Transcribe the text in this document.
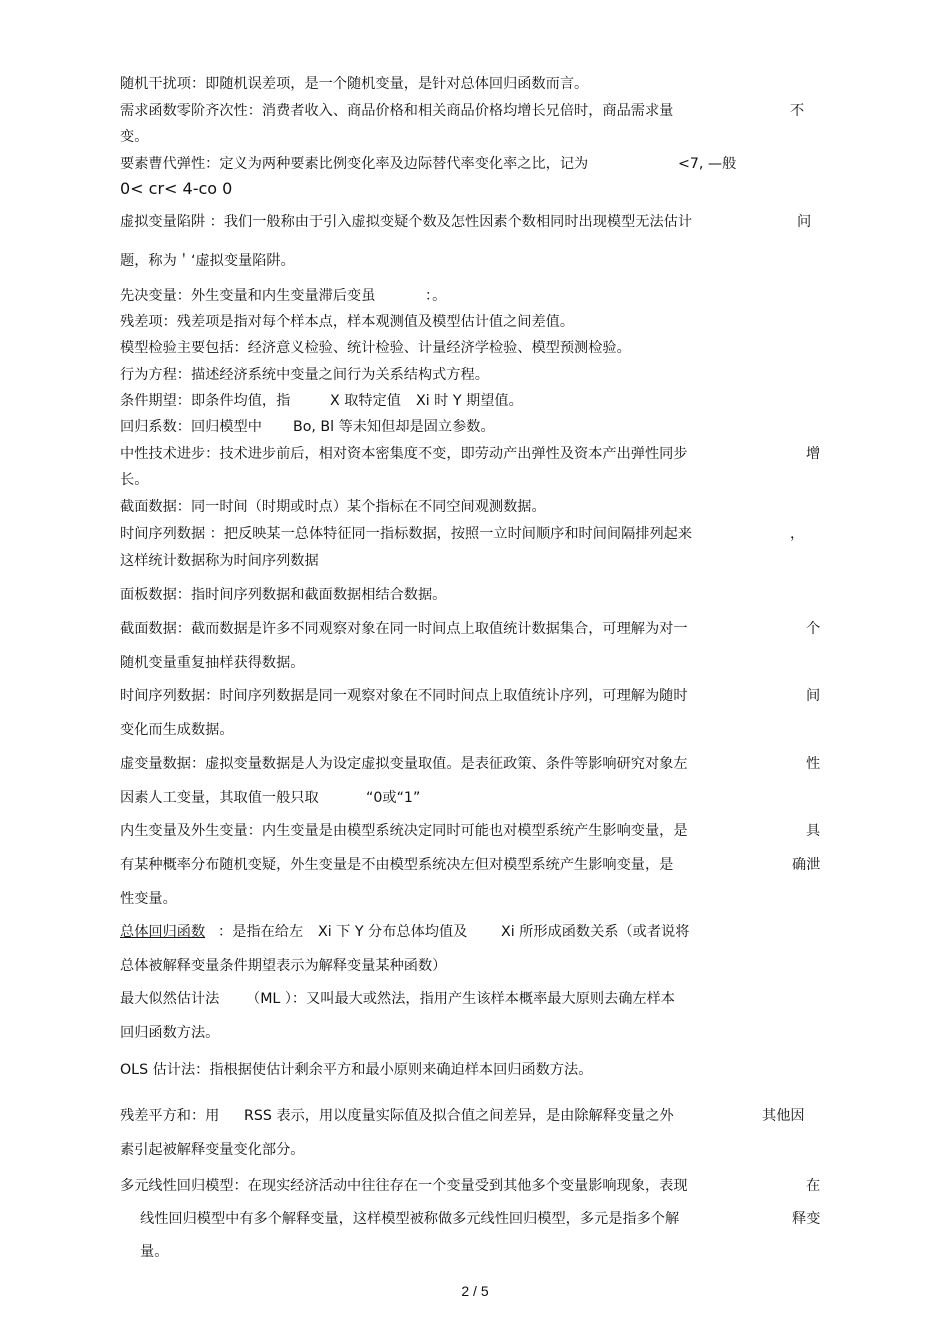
随机干扰项：即随机误差项，是一个随机变量，是针对总体回归函数而言。
需求函数零阶齐次性：消费者收入、商品价格和相关商品价格均增长兄倍时，商品需求量	不
变。
要素曹代弹性：定义为两种要素比例变化率及边际替代率变化率之比，记为	<7, —般
0< cr< 4-co 0
虚拟变量陷阱 ：我们一般称由于引入虚拟变疑个数及怎性因素个数相同时出现模型无法估计	问
题，称为＇‘虚拟变量陷阱。
先决变量：外生变量和内生变量滞后变虽	：。
残差项：残差项是指对每个样本点，样本观测值及模型估计值之间差值。
模型检验主要包括：经济意义检验、统计检验、计量经济学检验、模型预测检验。
行为方程：描述经济系统中变量之间行为关系结构式方程。
条件期望：即条件均值，指	X 取特定值 Xi 时 Y 期望值。
回归系数：回归模型中 Bo, Bl 等未知但却是固立参数。
中性技术进步：技术进步前后，相对资本密集度不变，即劳动产出弹性及资本产出弹性同步	增
长。
截面数据：同一时间（时期或时点）某个指标在不同空间观测数据。
时间序列数据 ：把反映某一总体特征同一指标数据，按照一立时间顺序和时间间隔排列起来	，
这样统计数据称为时间序列数据
面板数据：指时间序列数据和截面数据相结合数据。
截面数据：截而数据是许多不同观察对象在同一时间点上取值统计数据集合，可理解为对一	个
随机变量重复抽样获得数据。
时间序列数据：时间序列数据是同一观察对象在不同时间点上取值统讣序列，可理解为随时	间
变化而生成数据。
虚变量数据：虚拟变量数据是人为设定虚拟变量取值。是表征政策、条件等影响研究对象左	性
因素人工变量，其取值一般只取	“0或“1”
内生变量及外生变量：内生变量是由模型系统决定同时可能也对模型系统产生影响变量，是	具
有某种概率分布随机变疑，外生变量是不由模型系统决左但对模型系统产生影响变量，是	确泄
性变量。
总体回归函数 ：是指在给左 Xi 下 Y 分布总体均值及 Xi 所形成函数关系（或者说将
总体被解释变量条件期望表示为解释变量某种函数）
最大似然估计法 （ML ）：又叫最大或然法，指用产生该样本概率最大原则去确左样本
回归函数方法。
OLS 估计法：指根据使估计剩余平方和最小原则来确迫样本回归函数方法。
残差平方和：用 RSS 表示，用以度量实际值及拟合值之间差异，是由除解释变量之外	其他因
素引起被解释变量变化部分。
多元线性回归模型：在现实经济活动中往往存在一个变量受到其他多个变量影响现象，表现	在
线性回归模型中有多个解释变量，这样模型被称做多元线性回归模型，多元是指多个解	释变
量。
2 / 5
